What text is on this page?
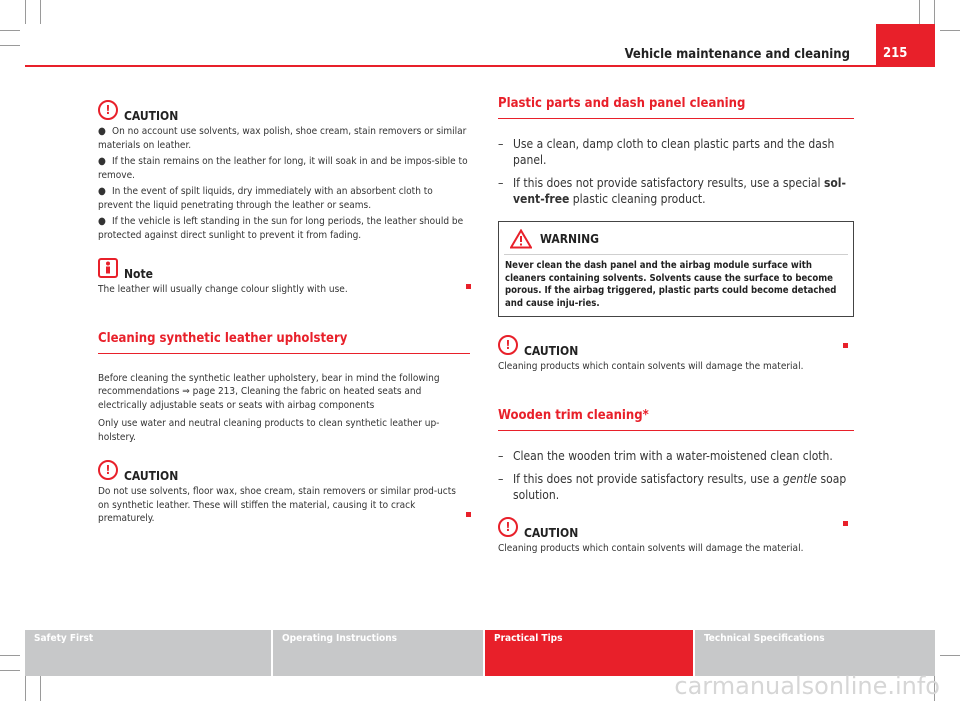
Vehicle maintenance and cleaning	215
!	CAUTION
● On no account use solvents, wax polish, shoe cream, stain removers or similar materials on leather.
● If the stain remains on the leather for long, it will soak in and be impos-sible to remove.
● In the event of spilt liquids, dry immediately with an absorbent cloth to prevent the liquid penetrating through the leather or seams.
● If the vehicle is left standing in the sun for long periods, the leather should be protected against direct sunlight to prevent it from fading.
Note
The leather will usually change colour slightly with use.
Cleaning synthetic leather upholstery
Before cleaning the synthetic leather upholstery, bear in mind the following recommendations ⇒ page 213, Cleaning the fabric on heated seats and electrically adjustable seats or seats with airbag components
Only use water and neutral cleaning products to clean synthetic leather up-holstery.
!	CAUTION
Do not use solvents, floor wax, shoe cream, stain removers or similar prod-ucts on synthetic leather. These will stiffen the material, causing it to crack prematurely.
Plastic parts and dash panel cleaning
– Use a clean, damp cloth to clean plastic parts and the dash panel.
– If this does not provide satisfactory results, use a special sol-vent-free plastic cleaning product.
WARNING
Never clean the dash panel and the airbag module surface with cleaners containing solvents. Solvents cause the surface to become porous. If the airbag triggered, plastic parts could become detached and cause inju-ries.
!	CAUTION
Cleaning products which contain solvents will damage the material.
Wooden trim cleaning*
– Clean the wooden trim with a water-moistened clean cloth.
– If this does not provide satisfactory results, use a gentle soap solution.
!	CAUTION
Cleaning products which contain solvents will damage the material.
Safety First	Operating Instructions	Practical Tips	Technical Specifications
carmanualsonline.info
